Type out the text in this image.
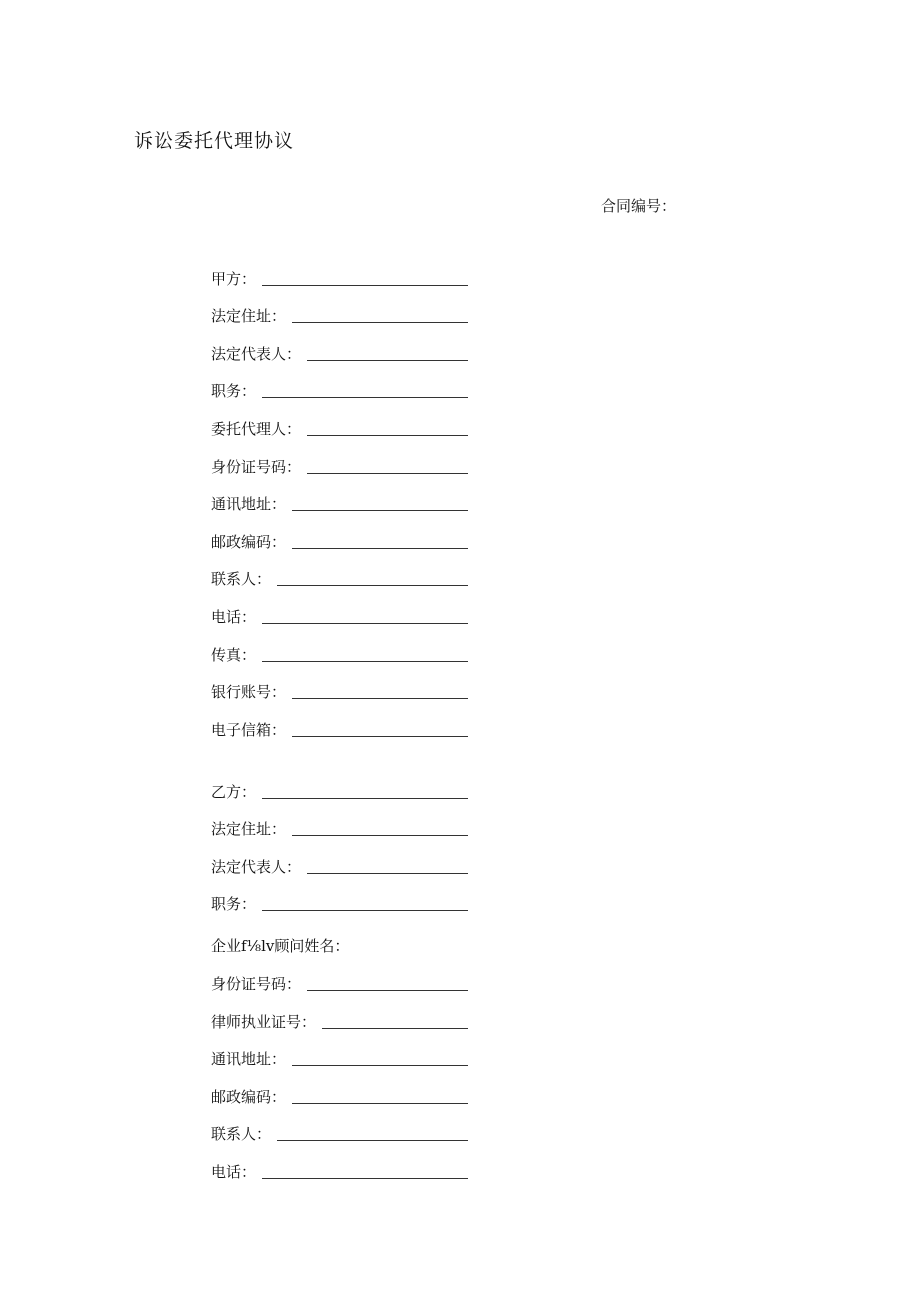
诉讼委托代理协议
合同编号：
甲方：
法定住址：
法定代表人：
职务：
委托代理人：
身份证号码：
通讯地址：
邮政编码：
联系人：
电话：
传真：
银行账号：
电子信箱：
乙方：
法定住址：
法定代表人：
职务：
企业f⅛lv顾问姓名：
身份证号码：
律师执业证号：
通讯地址：
邮政编码：
联系人：
电话：
